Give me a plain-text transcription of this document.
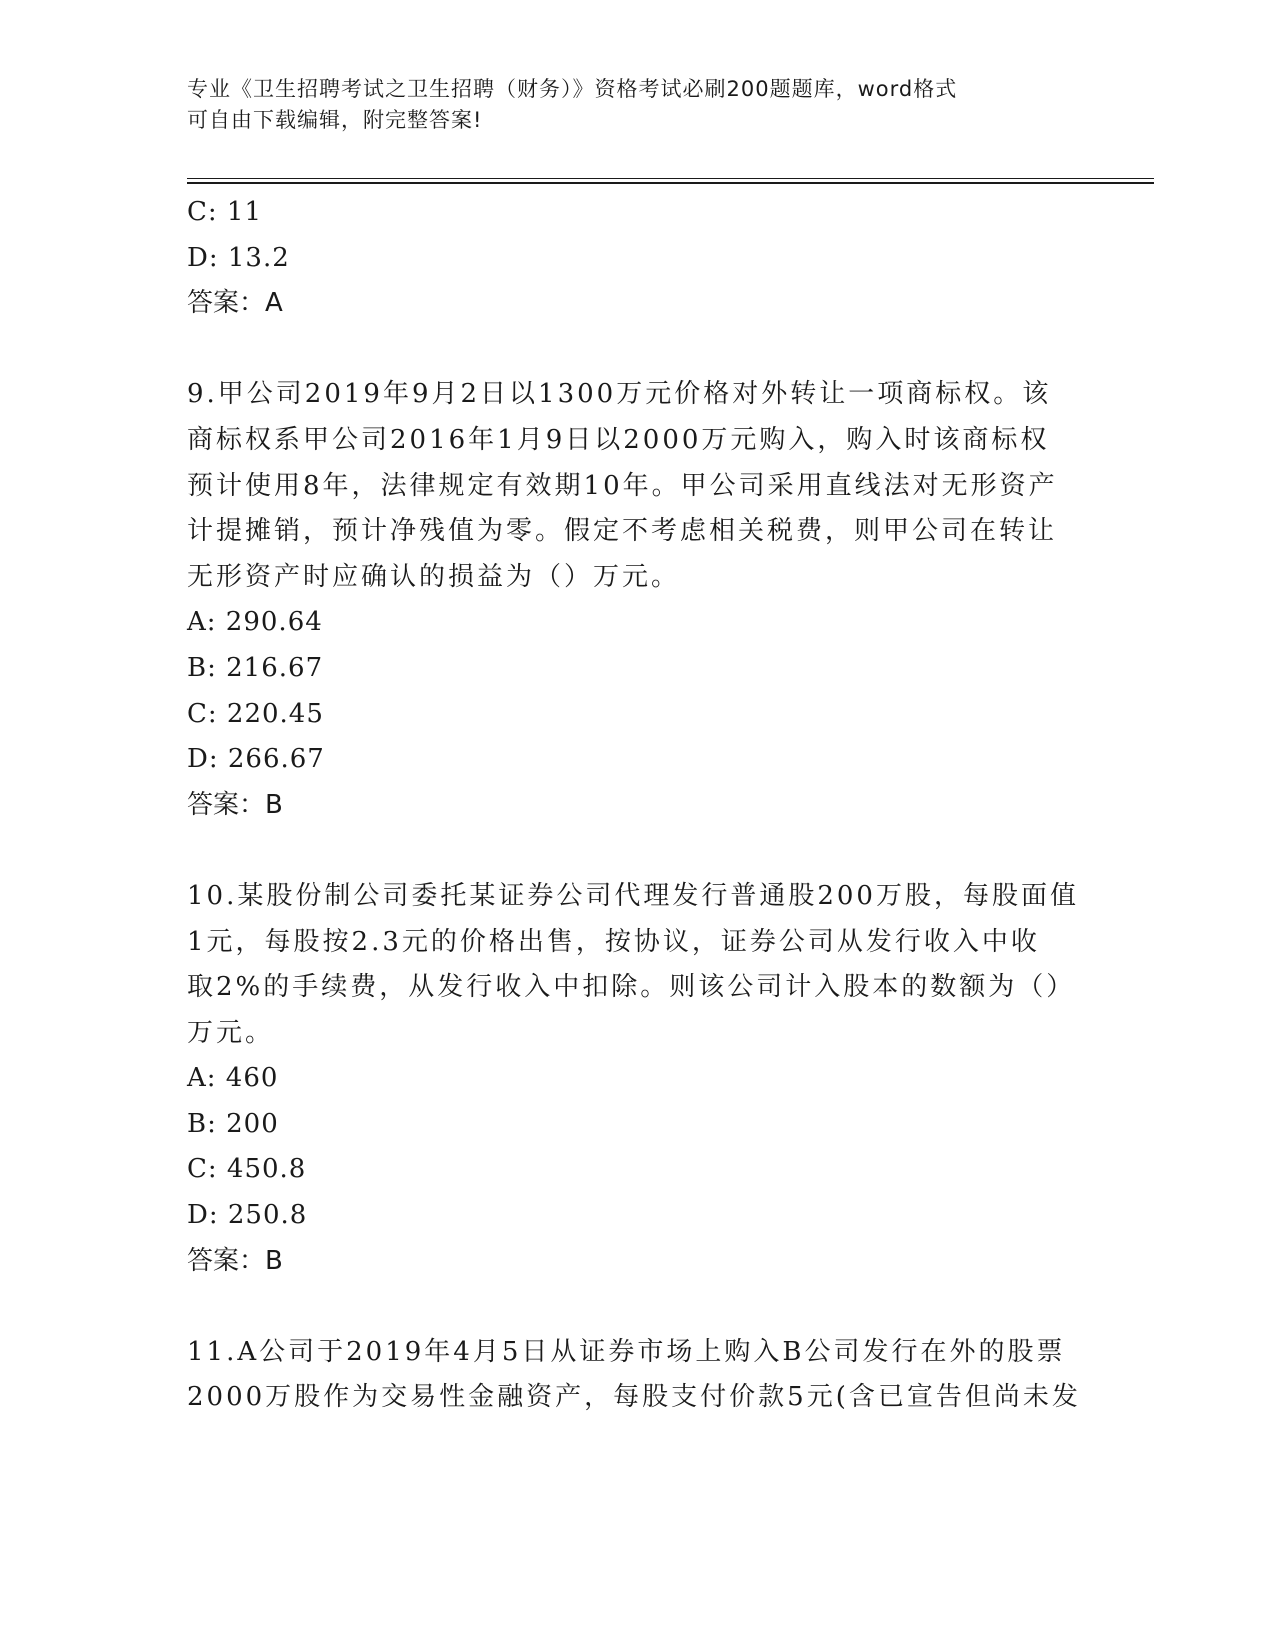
专业《卫生招聘考试之卫生招聘（财务）》资格考试必刷200题题库，word格式
可自由下载编辑，附完整答案!
C: 11
D: 13.2
答案：A
9.甲公司2019年9月2日以1300万元价格对外转让一项商标权。该
商标权系甲公司2016年1月9日以2000万元购入，购入时该商标权
预计使用8年，法律规定有效期10年。甲公司采用直线法对无形资产
计提摊销，预计净残值为零。假定不考虑相关税费，则甲公司在转让
无形资产时应确认的损益为（）万元。
A: 290.64
B: 216.67
C: 220.45
D: 266.67
答案：B
10.某股份制公司委托某证券公司代理发行普通股200万股，每股面值
1元，每股按2.3元的价格出售，按协议，证券公司从发行收入中收
取2%的手续费，从发行收入中扣除。则该公司计入股本的数额为（）
万元。
A: 460
B: 200
C: 450.8
D: 250.8
答案：B
11.A公司于2019年4月5日从证券市场上购入B公司发行在外的股票
2000万股作为交易性金融资产，每股支付价款5元(含已宣告但尚未发
